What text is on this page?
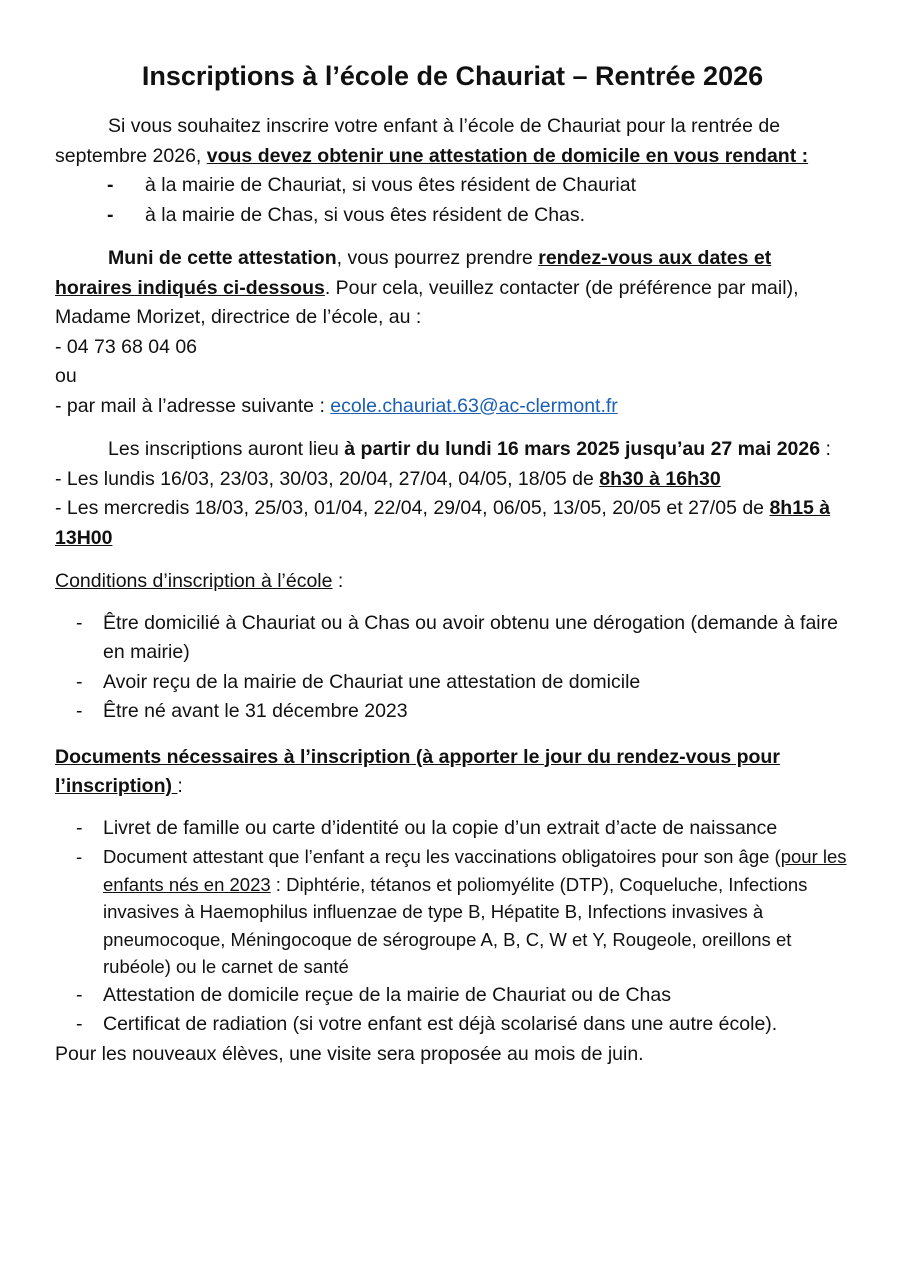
Inscriptions à l’école de Chauriat – Rentrée 2026

Si vous souhaitez inscrire votre enfant à l’école de Chauriat pour la rentrée de septembre 2026, vous devez obtenir une attestation de domicile en vous rendant :

- à la mairie de Chauriat, si vous êtes résident de Chauriat
- à la mairie de Chas, si vous êtes résident de Chas.

Muni de cette attestation, vous pourrez prendre rendez-vous aux dates et horaires indiqués ci-dessous. Pour cela, veuillez contacter (de préférence par mail), Madame Morizet, directrice de l’école, au :

- 04 73 68 04 06

ou

- par mail à l’adresse suivante : ecole.chauriat.63@ac-clermont.fr

Les inscriptions auront lieu à partir du lundi 16 mars 2025 jusqu’au 27 mai 2026 :

- Les lundis 16/03, 23/03, 30/03, 20/04, 27/04, 04/05, 18/05 de 8h30 à 16h30

- Les mercredis 18/03, 25/03, 01/04, 22/04, 29/04, 06/05, 13/05, 20/05 et 27/05 de 8h15 à 13H00

Conditions d’inscription à l’école :

- Être domicilié à Chauriat ou à Chas ou avoir obtenu une dérogation (demande à faire en mairie)
- Avoir reçu de la mairie de Chauriat une attestation de domicile
- Être né avant le 31 décembre 2023

Documents nécessaires à l’inscription (à apporter le jour du rendez-vous pour l’inscription) :

- Livret de famille ou carte d’identité ou la copie d’un extrait d’acte de naissance
- Document attestant que l’enfant a reçu les vaccinations obligatoires pour son âge (pour les enfants nés en 2023 : Diphtérie, tétanos et poliomyélite (DTP), Coqueluche, Infections invasives à Haemophilus influenzae de type B, Hépatite B, Infections invasives à pneumocoque, Méningocoque de sérogroupe A, B, C, W et Y, Rougeole, oreillons et rubéole) ou le carnet de santé
- Attestation de domicile reçue de la mairie de Chauriat ou de Chas
- Certificat de radiation (si votre enfant est déjà scolarisé dans une autre école).

Pour les nouveaux élèves, une visite sera proposée au mois de juin.
